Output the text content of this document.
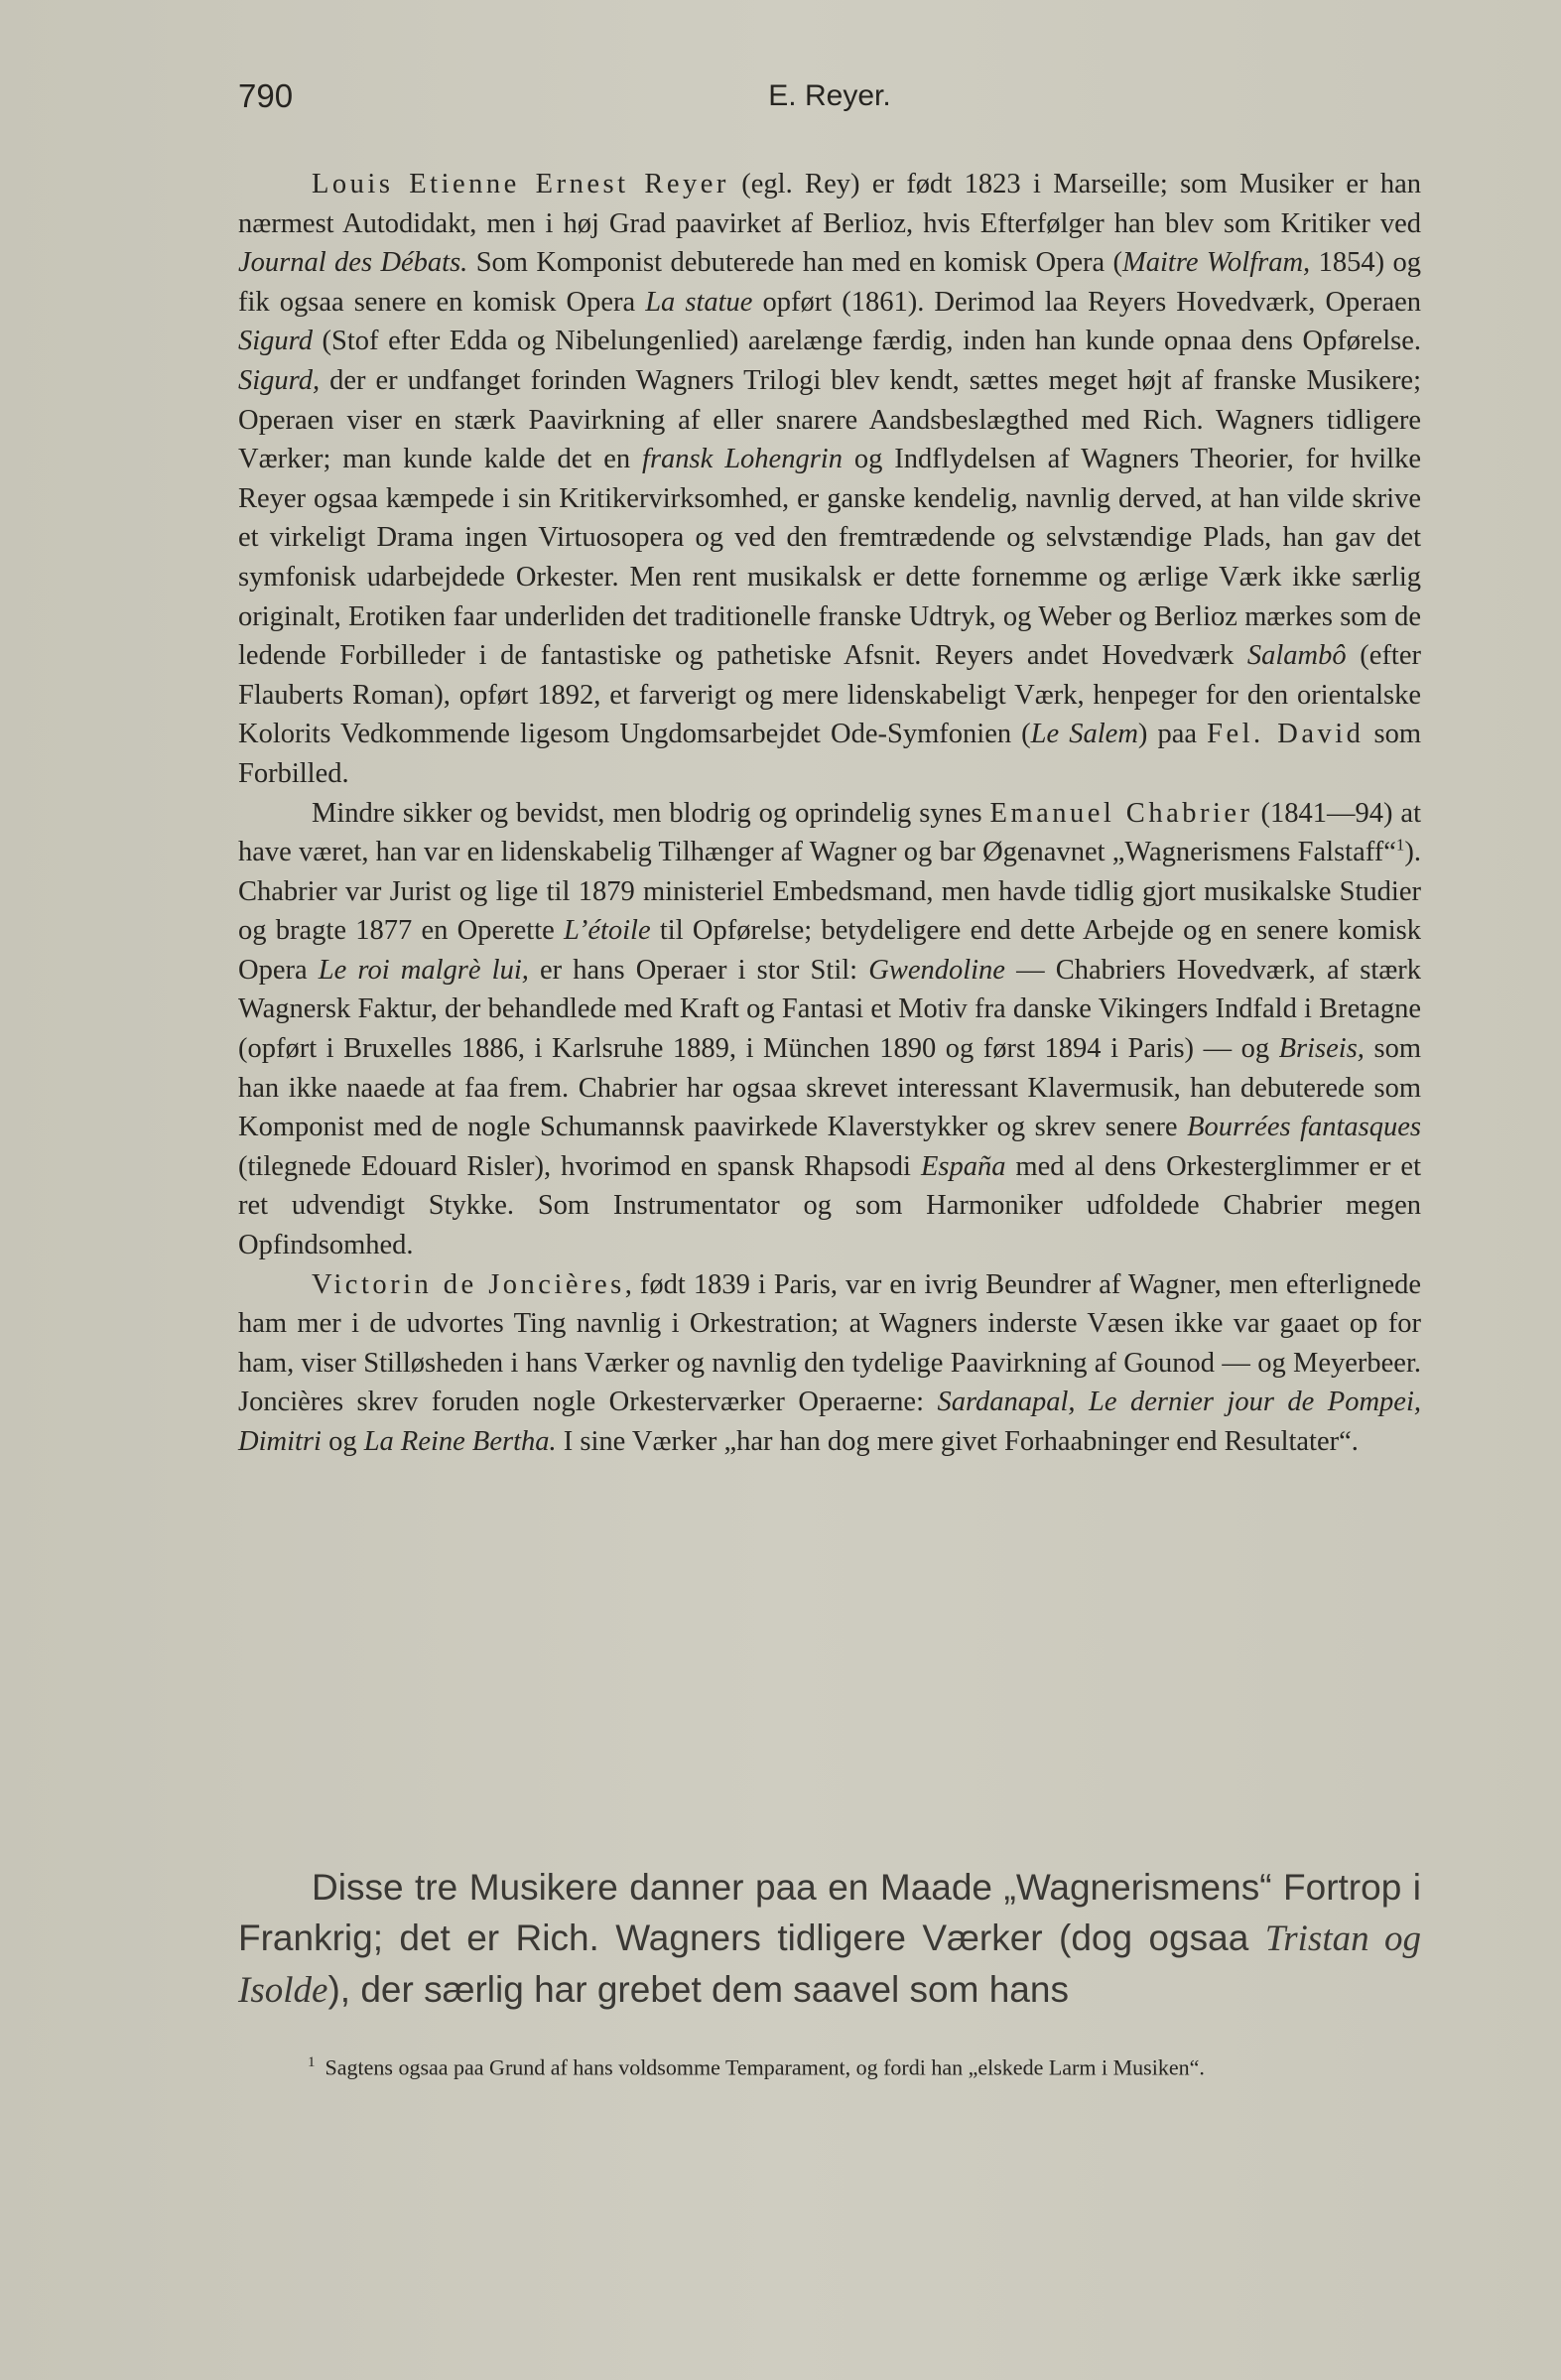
790	E. Reyer.

Louis Etienne Ernest Reyer (egl. Rey) er født 1823 i Marseille; som Musiker er han nærmest Autodidakt, men i høj Grad paavirket af Berlioz, hvis Efterfølger han blev som Kritiker ved Journal des Débats. Som Komponist debuterede han med en komisk Opera (Maitre Wolfram, 1854) og fik ogsaa senere en komisk Opera La statue opført (1861). Derimod laa Reyers Hovedværk, Operaen Sigurd (Stof efter Edda og Nibelungenlied) aarelænge færdig, inden han kunde opnaa dens Opførelse. Sigurd, der er undfanget forinden Wagners Trilogi blev kendt, sættes meget højt af franske Musikere; Operaen viser en stærk Paavirkning af eller snarere Aandsbeslægthed med Rich. Wagners tidligere Værker; man kunde kalde det en fransk Lohengrin og Indflydelsen af Wagners Theorier, for hvilke Reyer ogsaa kæmpede i sin Kritikervirksomhed, er ganske kendelig, navnlig derved, at han vilde skrive et virkeligt Drama ingen Virtuosopera og ved den fremtrædende og selvstændige Plads, han gav det symfonisk udarbejdede Orkester. Men rent musikalsk er dette fornemme og ærlige Værk ikke særlig originalt, Erotiken faar underliden det traditionelle franske Udtryk, og Weber og Berlioz mærkes som de ledende Forbilleder i de fantastiske og pathetiske Afsnit. Reyers andet Hovedværk Salambô (efter Flauberts Roman), opført 1892, et farverigt og mere lidenskabeligt Værk, henpeger for den orientalske Kolorits Vedkommende ligesom Ungdomsarbejdet Ode-Symfonien (Le Salem) paa Fel. David som Forbilled.

Mindre sikker og bevidst, men blodrig og oprindelig synes Emanuel Chabrier (1841—94) at have været, han var en lidenskabelig Tilhænger af Wagner og bar Øgenavnet „Wagnerismens Falstaff“$^1$). Chabrier var Jurist og lige til 1879 ministeriel Embedsmand, men havde tidlig gjort musikalske Studier og bragte 1877 en Operette L’étoile til Opførelse; betydeligere end dette Arbejde og en senere komisk Opera Le roi malgrè lui, er hans Operaer i stor Stil: Gwendoline — Chabriers Hovedværk, af stærk Wagnersk Faktur, der behandlede med Kraft og Fantasi et Motiv fra danske Vikingers Indfald i Bretagne (opført i Bruxelles 1886, i Karlsruhe 1889, i München 1890 og først 1894 i Paris) — og Briseis, som han ikke naaede at faa frem. Chabrier har ogsaa skrevet interessant Klavermusik, han debuterede som Komponist med de nogle Schumannsk paavirkede Klaverstykker og skrev senere Bourrées fantasques (tilegnede Edouard Risler), hvorimod en spansk Rhapsodi España med al dens Orkesterglimmer er et ret udvendigt Stykke. Som Instrumentator og som Harmoniker udfoldede Chabrier megen Opfindsomhed.

Victorin de Joncières, født 1839 i Paris, var en ivrig Beundrer af Wagner, men efterlignede ham mer i de udvortes Ting navnlig i Orkestration; at Wagners inderste Væsen ikke var gaaet op for ham, viser Stilløsheden i hans Værker og navnlig den tydelige Paavirkning af Gounod — og Meyerbeer. Joncières skrev foruden nogle Orkesterværker Operaerne: Sardanapal, Le dernier jour de Pompei, Dimitri og La Reine Bertha. I sine Værker „har han dog mere givet Forhaabninger end Resultater“.

Disse tre Musikere danner paa en Maade „Wagnerismens“ Fortrop i Frankrig; det er Rich. Wagners tidligere Værker (dog ogsaa Tristan og Isolde), der særlig har grebet dem saavel som hans

$^1$ Sagtens ogsaa paa Grund af hans voldsomme Temparament, og fordi han „elskede Larm i Musiken“.
